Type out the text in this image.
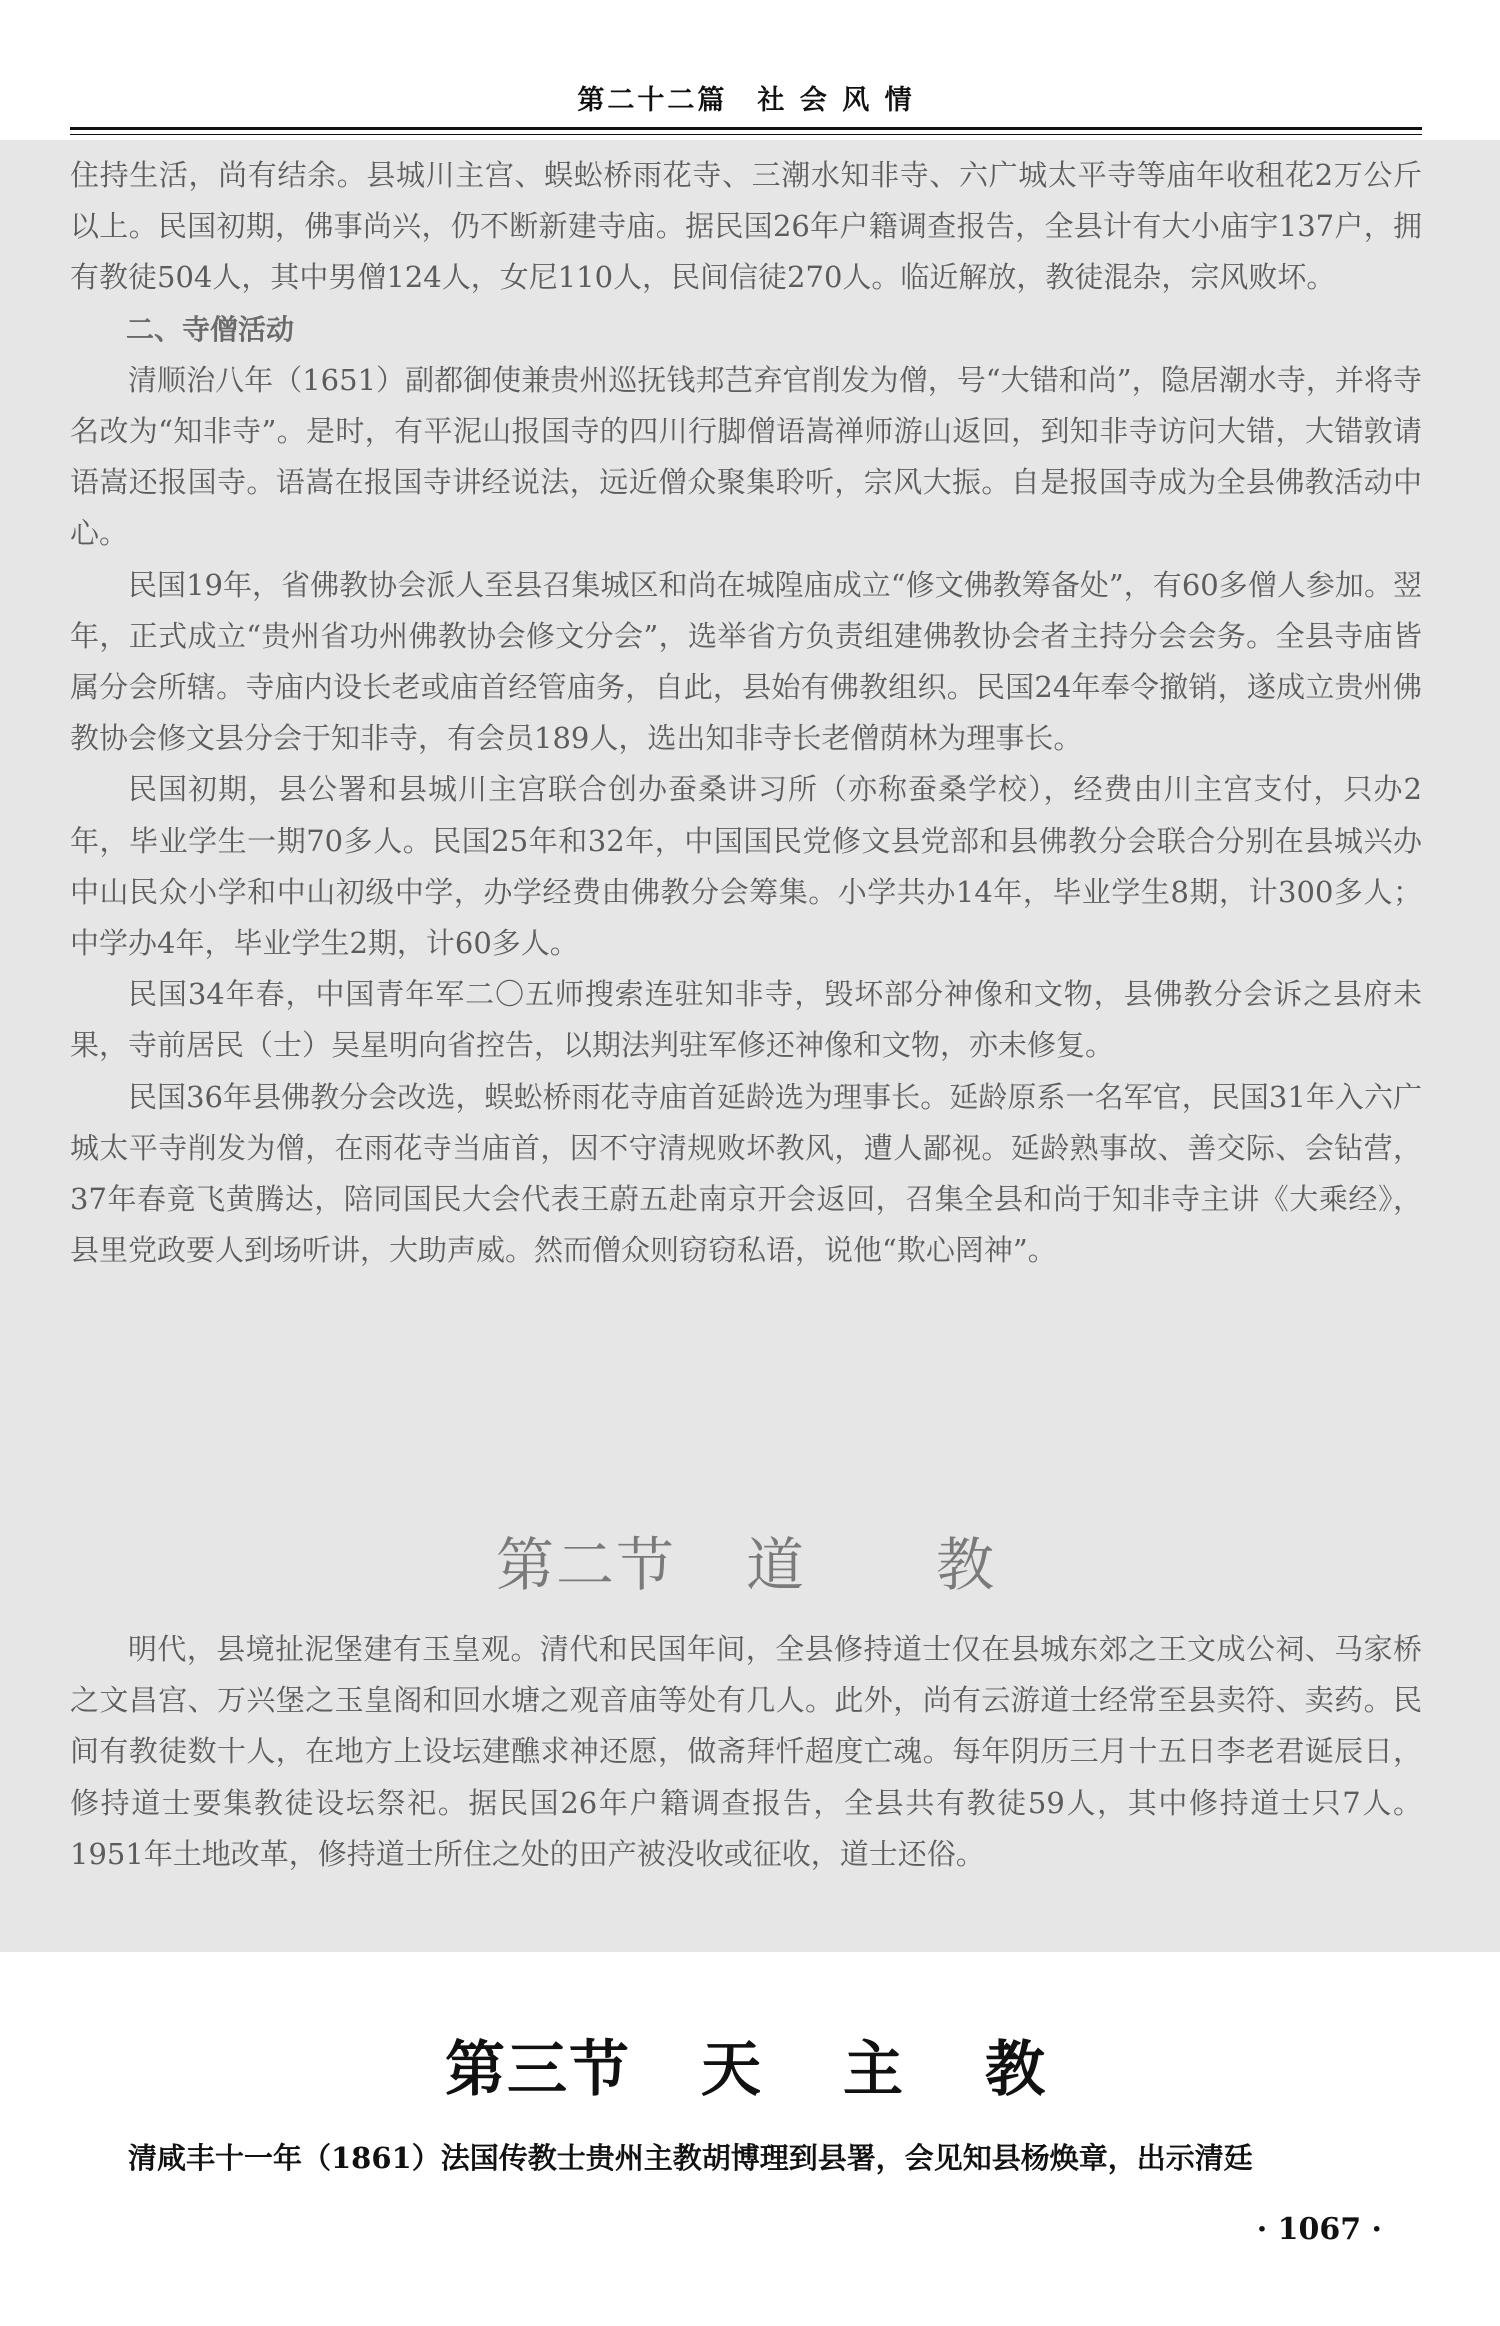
第二十二篇　社 会 风 情

住持生活，尚有结余。县城川主宫、蜈蚣桥雨花寺、三潮水知非寺、六广城太平寺等庙年收租花2万公斤以上。民国初期，佛事尚兴，仍不断新建寺庙。据民国26年户籍调查报告，全县计有大小庙宇137户，拥有教徒504人，其中男僧124人，女尼110人，民间信徒270人。临近解放，教徒混杂，宗风败坏。

二、寺僧活动

清顺治八年（1651）副都御使兼贵州巡抚钱邦芑弃官削发为僧，号“大错和尚”，隐居潮水寺，并将寺名改为“知非寺”。是时，有平泥山报国寺的四川行脚僧语嵩禅师游山返回，到知非寺访问大错，大错敦请语嵩还报国寺。语嵩在报国寺讲经说法，远近僧众聚集聆听，宗风大振。自是报国寺成为全县佛教活动中心。

民国19年，省佛教协会派人至县召集城区和尚在城隍庙成立“修文佛教筹备处”，有60多僧人参加。翌年，正式成立“贵州省功州佛教协会修文分会”，选举省方负责组建佛教协会者主持分会会务。全县寺庙皆属分会所辖。寺庙内设长老或庙首经管庙务，自此，县始有佛教组织。民国24年奉令撤销，遂成立贵州佛教协会修文县分会于知非寺，有会员189人，选出知非寺长老僧荫林为理事长。

民国初期，县公署和县城川主宫联合创办蚕桑讲习所（亦称蚕桑学校），经费由川主宫支付，只办2年，毕业学生一期70多人。民国25年和32年，中国国民党修文县党部和县佛教分会联合分别在县城兴办中山民众小学和中山初级中学，办学经费由佛教分会筹集。小学共办14年，毕业学生8期，计300多人；中学办4年，毕业学生2期，计60多人。

民国34年春，中国青年军二〇五师搜索连驻知非寺，毁坏部分神像和文物，县佛教分会诉之县府未果，寺前居民（士）吴星明向省控告，以期法判驻军修还神像和文物，亦未修复。

民国36年县佛教分会改选，蜈蚣桥雨花寺庙首延龄选为理事长。延龄原系一名军官，民国31年入六广城太平寺削发为僧，在雨花寺当庙首，因不守清规败坏教风，遭人鄙视。延龄熟事故、善交际、会钻营，37年春竟飞黄腾达，陪同国民大会代表王蔚五赴南京开会返回，召集全县和尚于知非寺主讲《大乘经》，县里党政要人到场听讲，大助声威。然而僧众则窃窃私语，说他“欺心罔神”。

第二节 道 教

明代，县境扯泥堡建有玉皇观。清代和民国年间，全县修持道士仅在县城东郊之王文成公祠、马家桥之文昌宫、万兴堡之玉皇阁和回水塘之观音庙等处有几人。此外，尚有云游道士经常至县卖符、卖药。民间有教徒数十人，在地方上设坛建醮求神还愿，做斋拜忏超度亡魂。每年阴历三月十五日李老君诞辰日，修持道士要集教徒设坛祭祀。据民国26年户籍调查报告，全县共有教徒59人，其中修持道士只7人。1951年土地改革，修持道士所住之处的田产被没收或征收，道士还俗。

第三节 天 主 教
清咸丰十一年（1861）法国传教士贵州主教胡博理到县署，会见知县杨焕章，出示清廷
· 1067 ·
